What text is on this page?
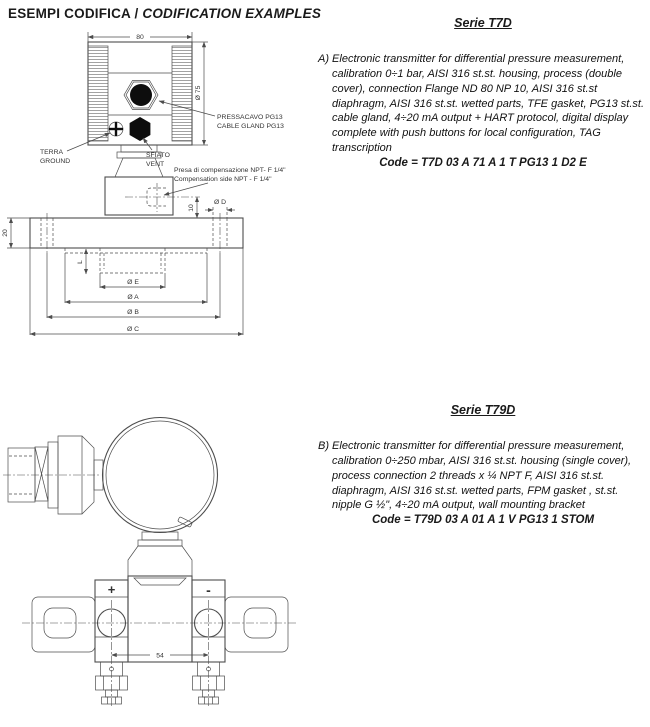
ESEMPI CODIFICA / CODIFICATION EXAMPLES
80
Ø 75
PRESSACAVO PG13
CABLE GLAND PG13
TERRA
GROUND
SFIATO
VENT
Presa di compensazione NPT- F 1/4"
Compensation side NPT - F 1/4"
10
Ø D
20
L
Ø E
Ø A
Ø B
Ø C
+	-
54
Serie T7D
A) Electronic transmitter for differential pressure measurement, calibration 0÷1 bar, AISI 316 st.st. housing, process (double cover), connection Flange ND 80 NP 10, AISI 316 st.st diaphragm, AISI 316 st.st. wetted parts, TFE gasket, PG13 st.st. cable gland, 4÷20 mA output + HART protocol, digital display complete with push buttons for local configuration, TAG transcription
Code = T7D 03 A 71 A 1 T PG13 1 D2 E
Serie T79D
B) Electronic transmitter for differential pressure measurement, calibration 0÷250 mbar, AISI 316 st.st. housing (single cover), process connection 2 threads x ¼ NPT F, AISI 316 st.st. diaphragm, AISI 316 st.st. wetted parts, FPM gasket , st.st. nipple G ½", 4÷20 mA output, wall mounting bracket
Code = T79D 03 A 01 A 1 V PG13 1 STOM
